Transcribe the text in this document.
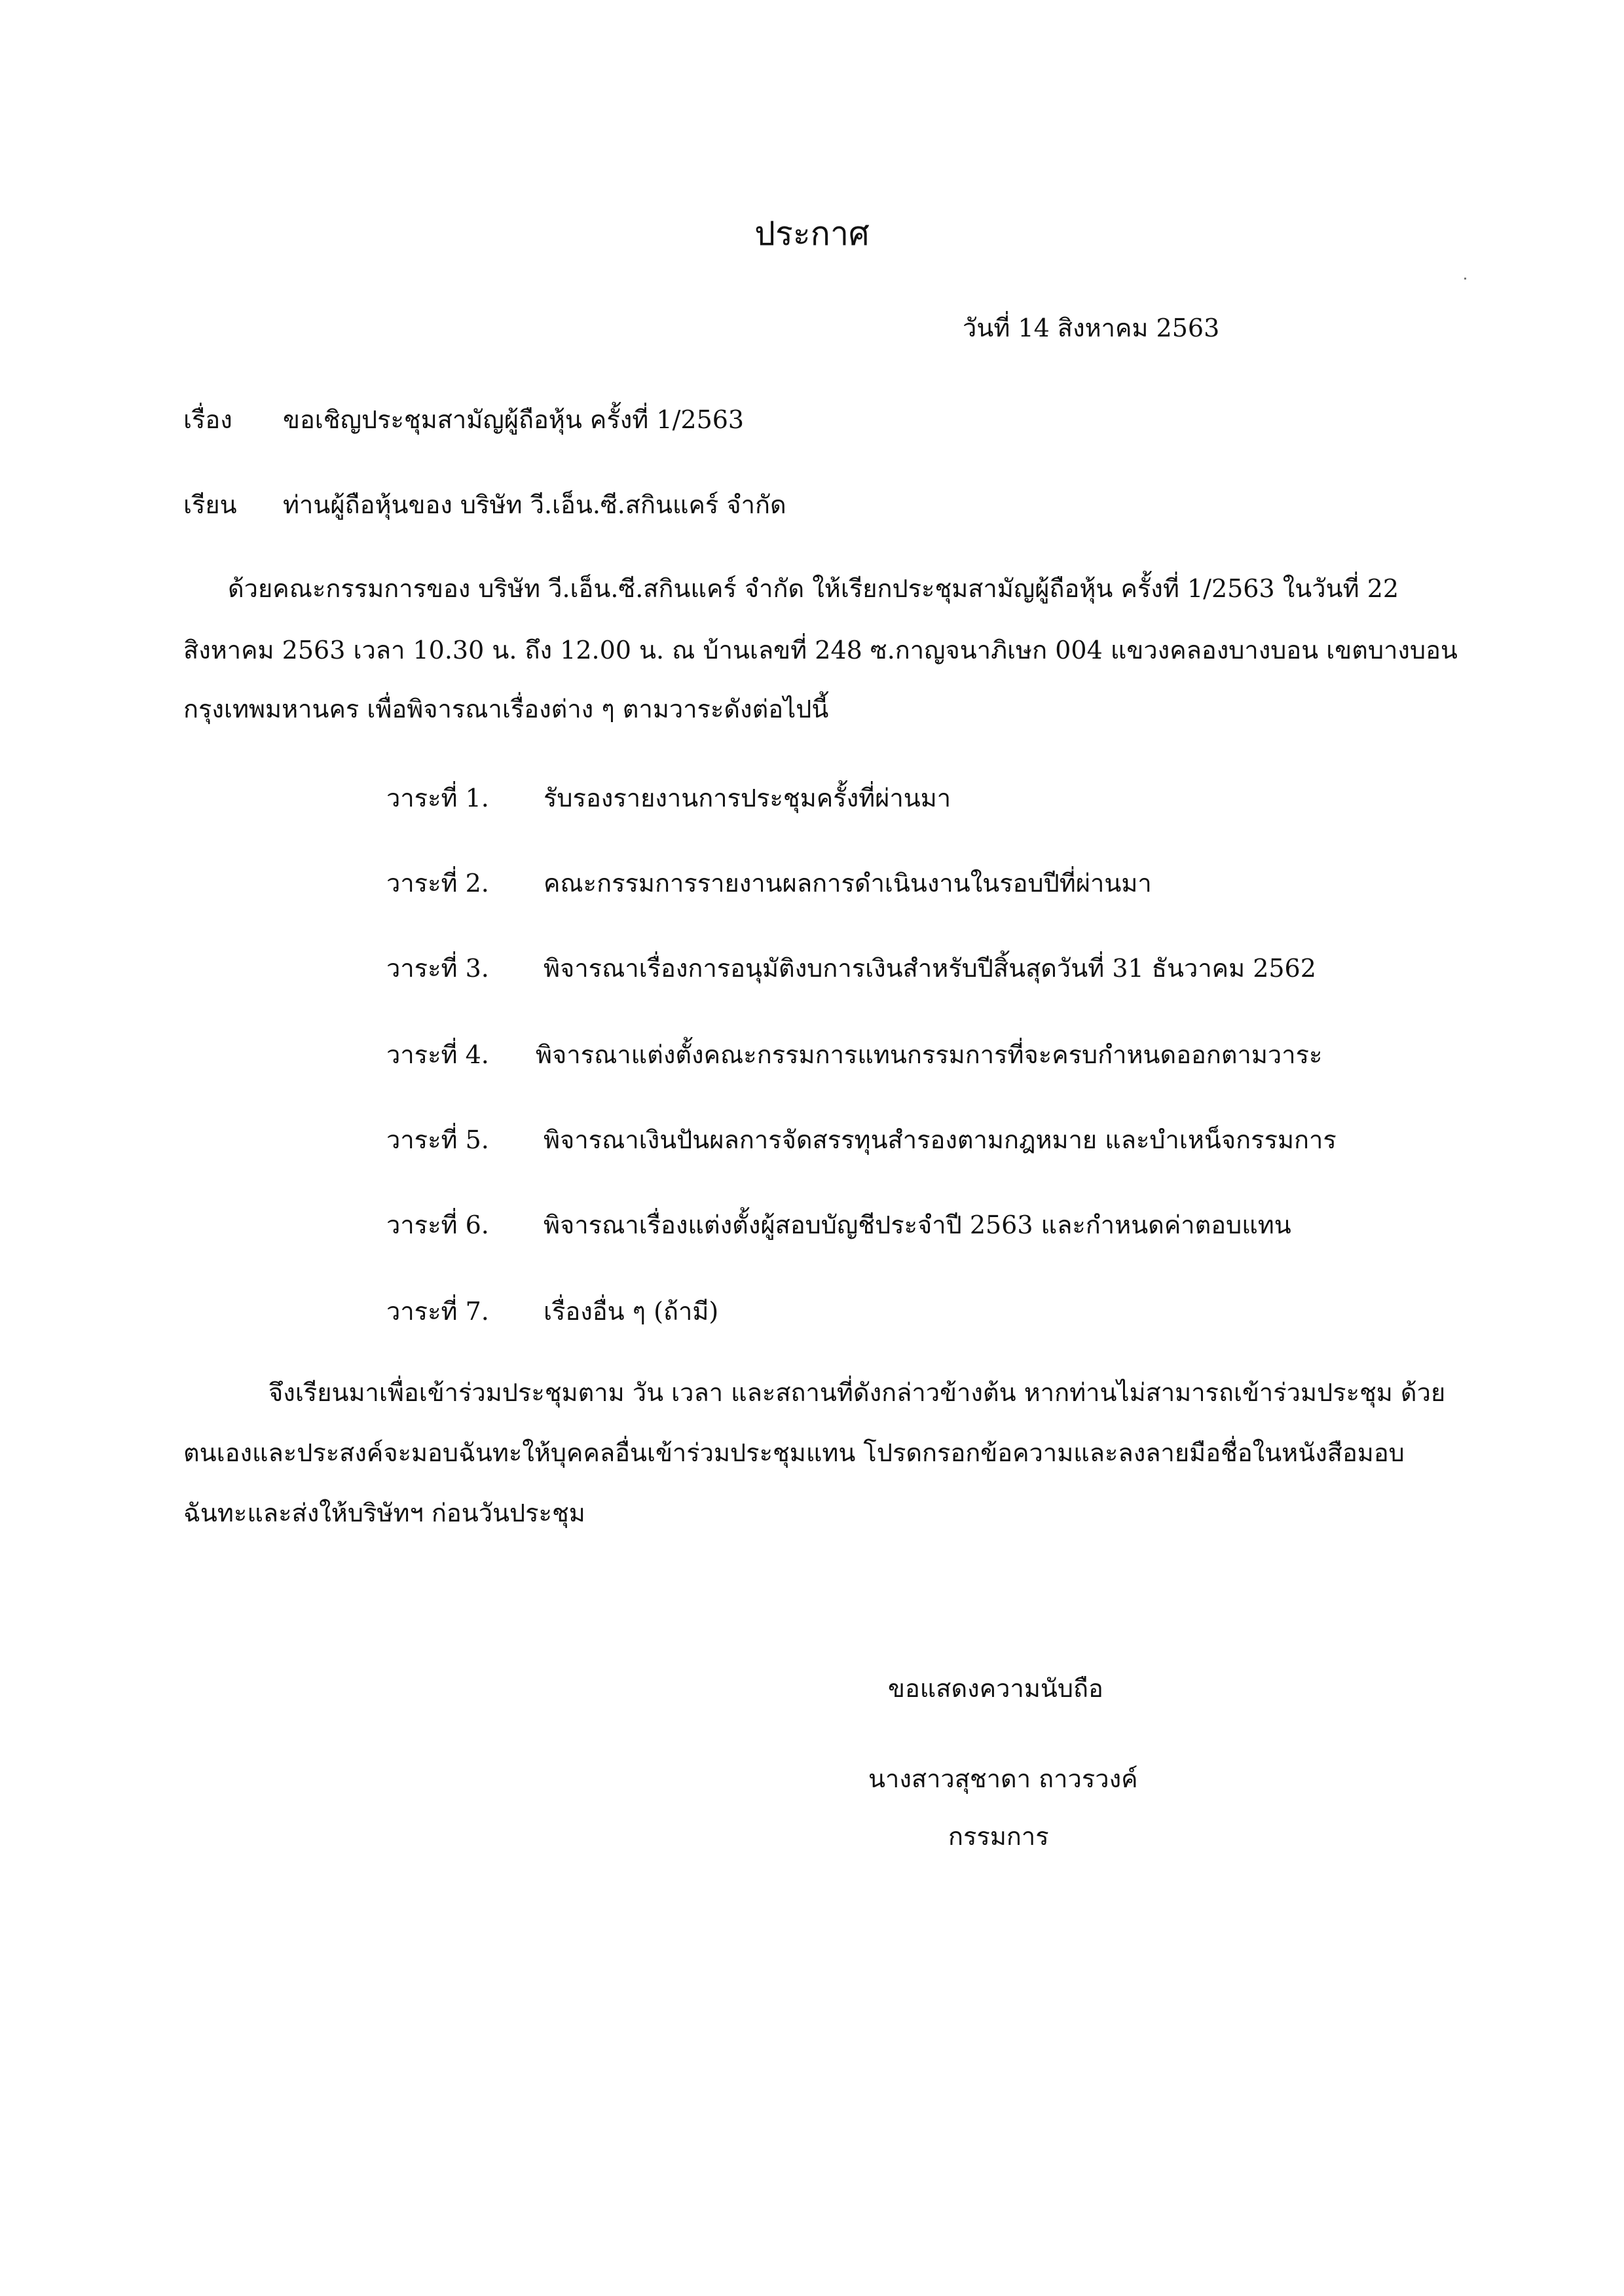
ประกาศ
วันที่ 14 สิงหาคม 2563
เรื่อง ขอเชิญประชุมสามัญผู้ถือหุ้น ครั้งที่ 1/2563
เรียน ท่านผู้ถือหุ้นของ บริษัท วี.เอ็น.ซี.สกินแคร์ จำกัด
ด้วยคณะกรรมการของ บริษัท วี.เอ็น.ซี.สกินแคร์ จำกัด ให้เรียกประชุมสามัญผู้ถือหุ้น ครั้งที่ 1/2563 ในวันที่ 22
สิงหาคม 2563 เวลา 10.30 น. ถึง 12.00 น. ณ บ้านเลขที่ 248 ซ.กาญจนาภิเษก 004 แขวงคลองบางบอน เขตบางบอน
กรุงเทพมหานคร เพื่อพิจารณาเรื่องต่าง ๆ ตามวาระดังต่อไปนี้
วาระที่ 1. รับรองรายงานการประชุมครั้งที่ผ่านมา
วาระที่ 2. คณะกรรมการรายงานผลการดำเนินงานในรอบปีที่ผ่านมา
วาระที่ 3. พิจารณาเรื่องการอนุมัติงบการเงินสำหรับปีสิ้นสุดวันที่ 31 ธันวาคม 2562
วาระที่ 4. พิจารณาแต่งตั้งคณะกรรมการแทนกรรมการที่จะครบกำหนดออกตามวาระ
วาระที่ 5. พิจารณาเงินปันผลการจัดสรรทุนสำรองตามกฎหมาย และบำเหน็จกรรมการ
วาระที่ 6. พิจารณาเรื่องแต่งตั้งผู้สอบบัญชีประจำปี 2563 และกำหนดค่าตอบแทน
วาระที่ 7. เรื่องอื่น ๆ (ถ้ามี)
จึงเรียนมาเพื่อเข้าร่วมประชุมตาม วัน เวลา และสถานที่ดังกล่าวข้างต้น หากท่านไม่สามารถเข้าร่วมประชุม ด้วย
ตนเองและประสงค์จะมอบฉันทะให้บุคคลอื่นเข้าร่วมประชุมแทน โปรดกรอกข้อความและลงลายมือชื่อในหนังสือมอบ
ฉันทะและส่งให้บริษัทฯ ก่อนวันประชุม
ขอแสดงความนับถือ
นางสาวสุชาดา ถาวรวงค์
กรรมการ
